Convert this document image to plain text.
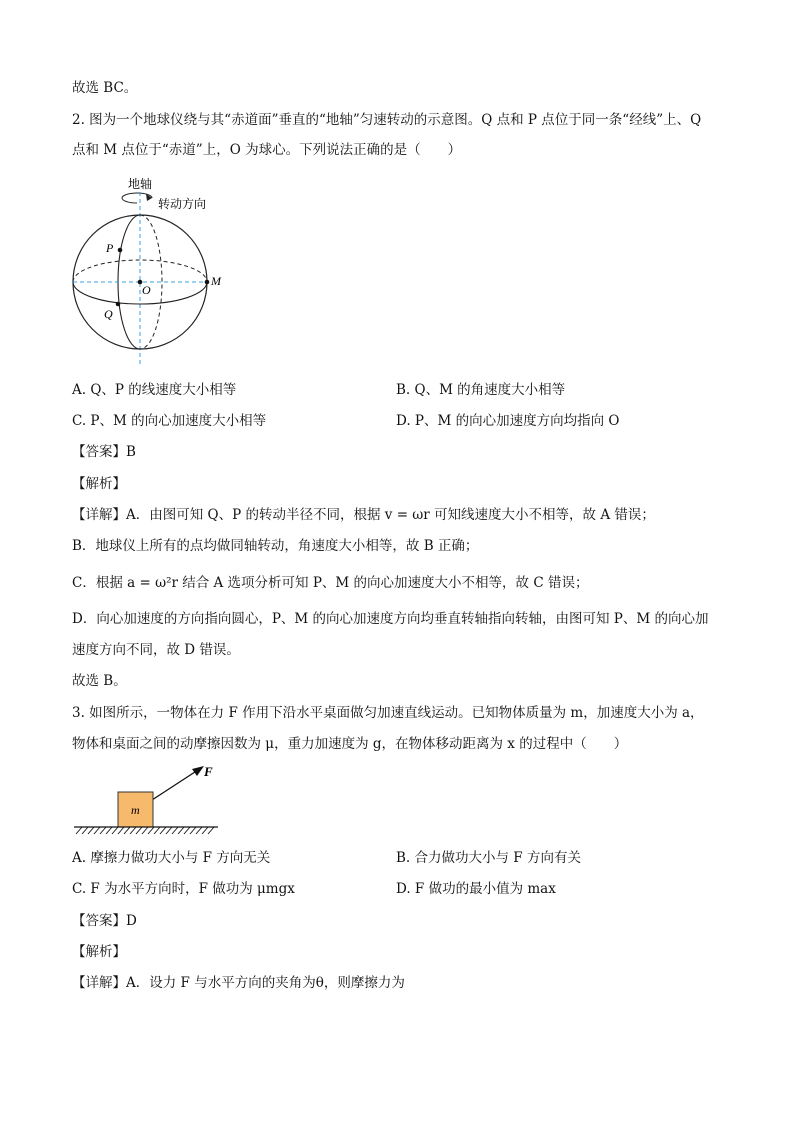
故选 BC。
2. 图为一个地球仪绕与其“赤道面”垂直的“地轴”匀速转动的示意图。Q 点和 P 点位于同一条“经线”上、Q
点和 M 点位于“赤道”上，O 为球心。下列说法正确的是（　　）
地轴
转动方向
P
O
M
Q
A. Q、P 的线速度大小相等	B. Q、M 的角速度大小相等
C. P、M 的向心加速度大小相等	D. P、M 的向心加速度方向均指向 O
【答案】B
【解析】
【详解】A．由图可知 Q、P 的转动半径不同，根据 v = ωr 可知线速度大小不相等，故 A 错误；
B．地球仪上所有的点均做同轴转动，角速度大小相等，故 B 正确；
C．根据 a = ω²r 结合 A 选项分析可知 P、M 的向心加速度大小不相等，故 C 错误；
D．向心加速度的方向指向圆心，P、M 的向心加速度方向均垂直转轴指向转轴，由图可知 P、M 的向心加
速度方向不同，故 D 错误。
故选 B。
3. 如图所示，一物体在力 F 作用下沿水平桌面做匀加速直线运动。已知物体质量为 m，加速度大小为 a，
物体和桌面之间的动摩擦因数为 μ，重力加速度为 g，在物体移动距离为 x 的过程中（　　）
F
m
A. 摩擦力做功大小与 F 方向无关	B. 合力做功大小与 F 方向有关
C. F 为水平方向时，F 做功为 μmgx	D. F 做功的最小值为 max
【答案】D
【解析】
【详解】A．设力 F 与水平方向的夹角为θ，则摩擦力为
